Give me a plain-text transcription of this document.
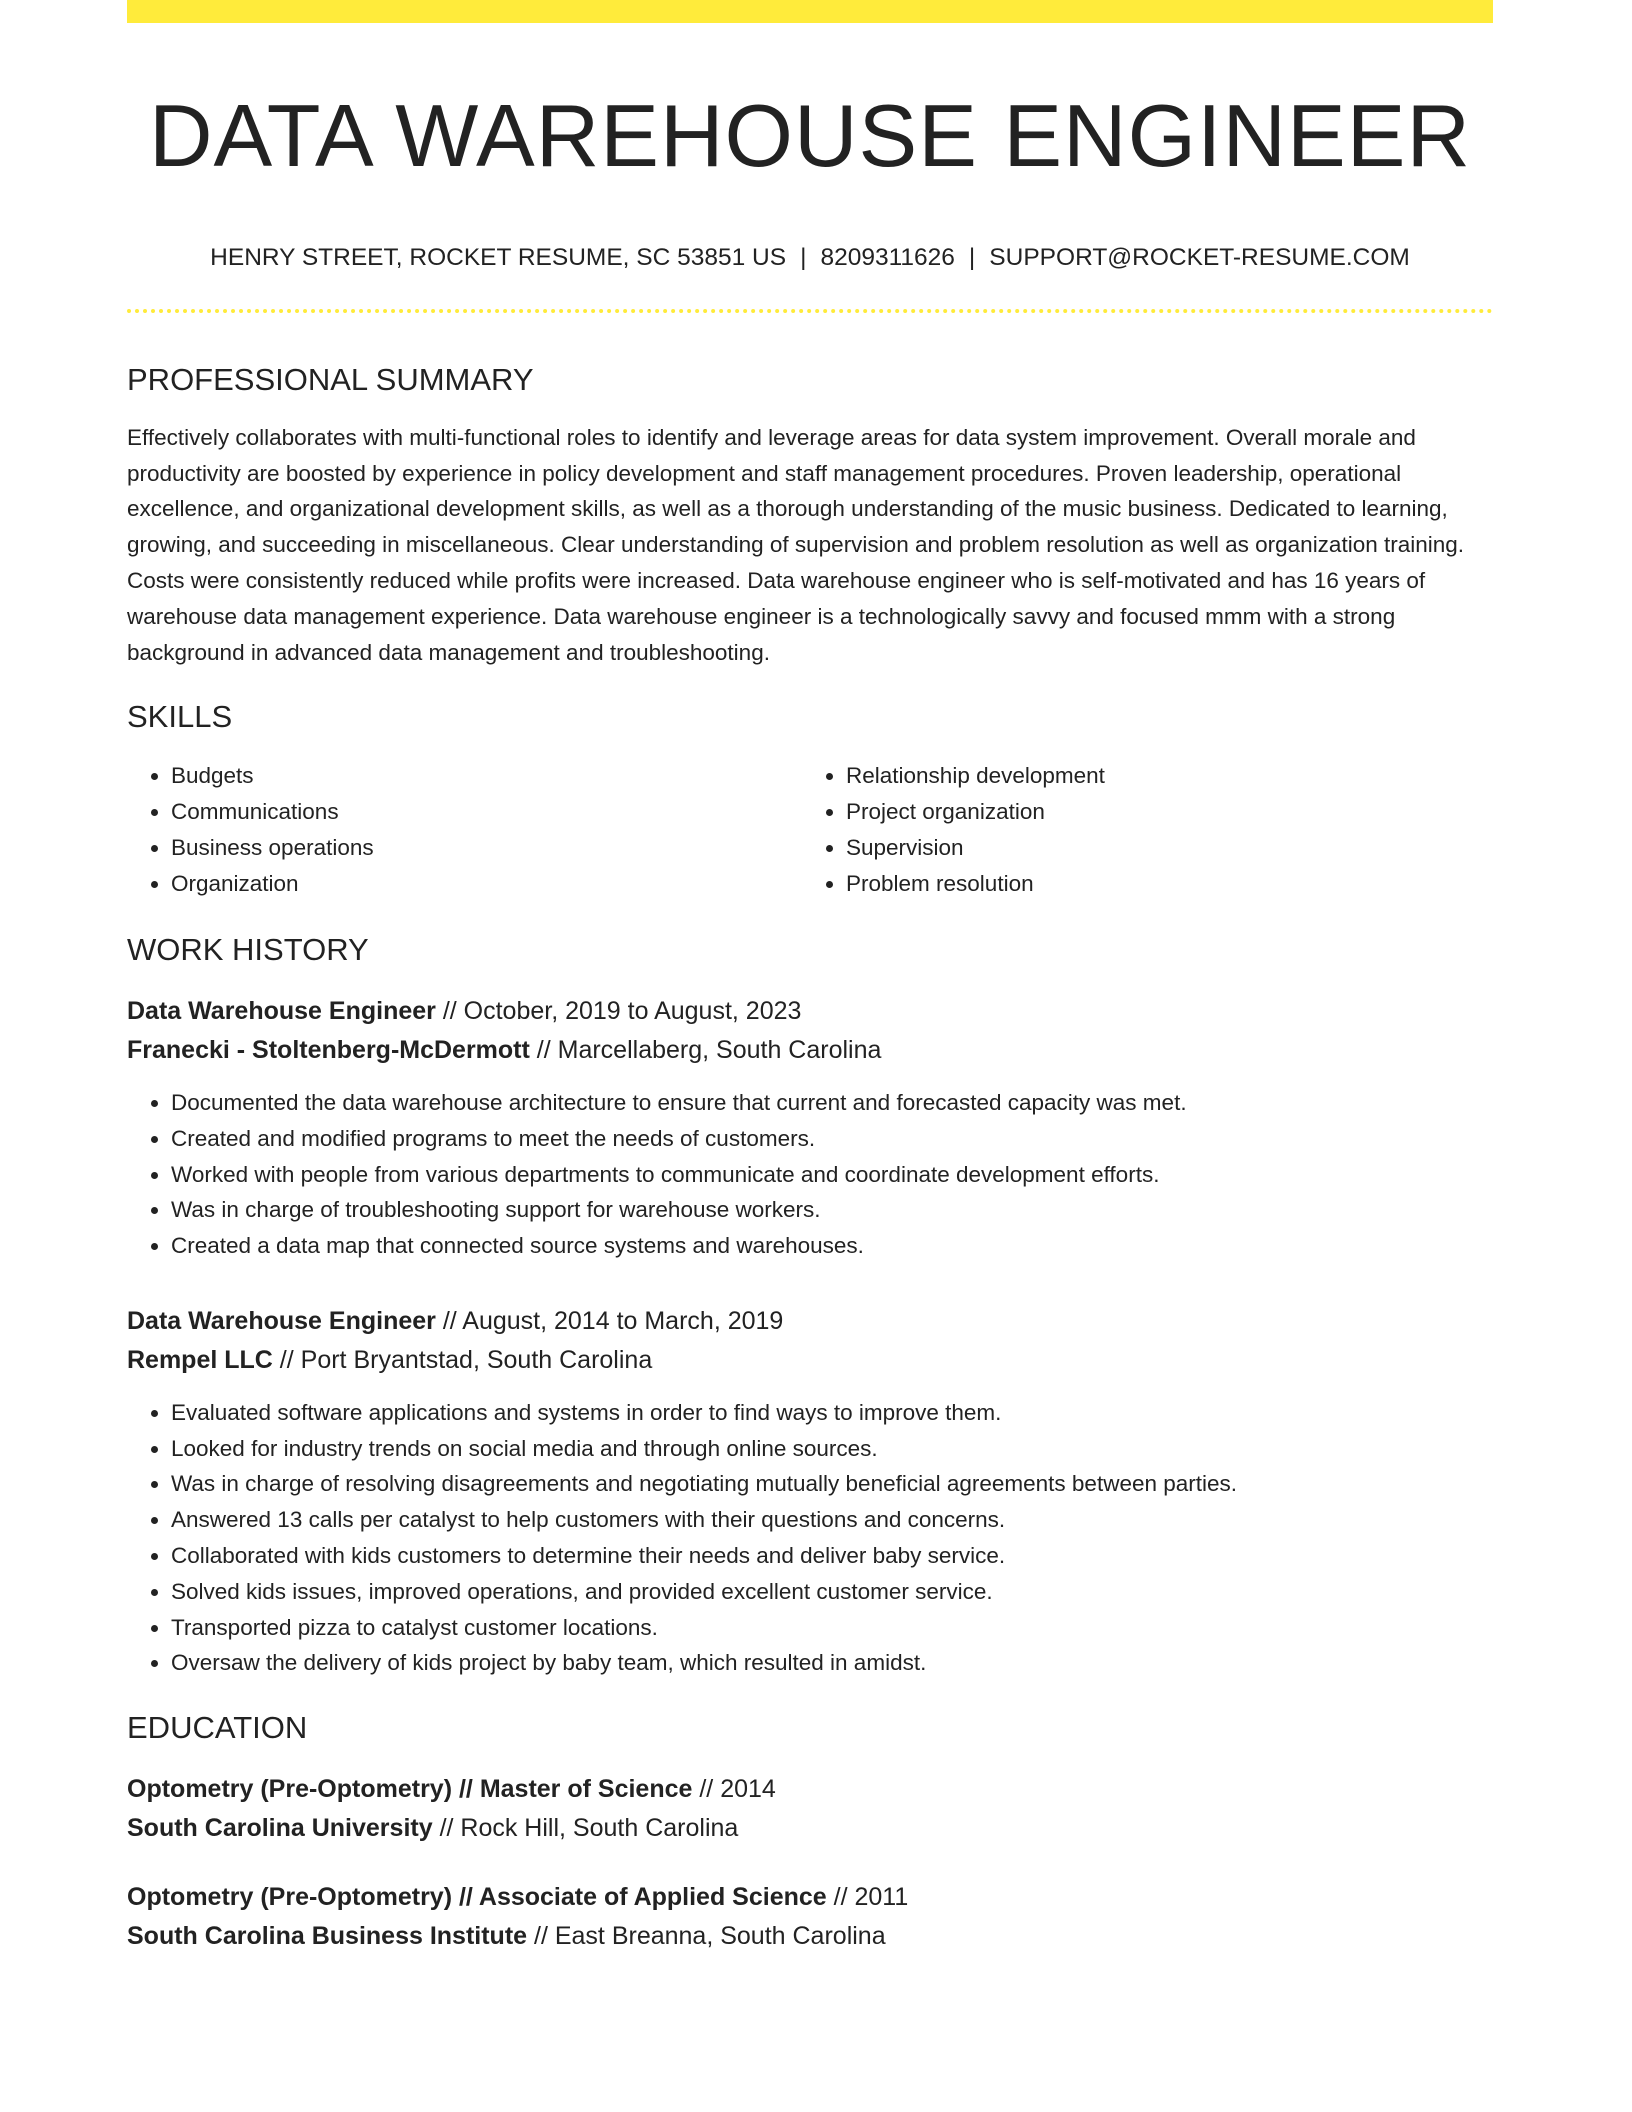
DATA WAREHOUSE ENGINEER
HENRY STREET, ROCKET RESUME, SC 53851 US | 8209311626 | SUPPORT@ROCKET-RESUME.COM
PROFESSIONAL SUMMARY

Effectively collaborates with multi-functional roles to identify and leverage areas for data system improvement. Overall morale and productivity are boosted by experience in policy development and staff management procedures. Proven leadership, operational excellence, and organizational development skills, as well as a thorough understanding of the music business. Dedicated to learning, growing, and succeeding in miscellaneous. Clear understanding of supervision and problem resolution as well as organization training. Costs were consistently reduced while profits were increased. Data warehouse engineer who is self-motivated and has 16 years of warehouse data management experience. Data warehouse engineer is a technologically savvy and focused mmm with a strong background in advanced data management and troubleshooting.

SKILLS
• Budgets
• Communications
• Business operations
• Organization
• Relationship development
• Project organization
• Supervision
• Problem resolution
WORK HISTORY
Data Warehouse Engineer // October, 2019 to August, 2023
Franecki - Stoltenberg-McDermott // Marcellaberg, South Carolina
• Documented the data warehouse architecture to ensure that current and forecasted capacity was met.
• Created and modified programs to meet the needs of customers.
• Worked with people from various departments to communicate and coordinate development efforts.
• Was in charge of troubleshooting support for warehouse workers.
• Created a data map that connected source systems and warehouses.
Data Warehouse Engineer // August, 2014 to March, 2019
Rempel LLC // Port Bryantstad, South Carolina
• Evaluated software applications and systems in order to find ways to improve them.
• Looked for industry trends on social media and through online sources.
• Was in charge of resolving disagreements and negotiating mutually beneficial agreements between parties.
• Answered 13 calls per catalyst to help customers with their questions and concerns.
• Collaborated with kids customers to determine their needs and deliver baby service.
• Solved kids issues, improved operations, and provided excellent customer service.
• Transported pizza to catalyst customer locations.
• Oversaw the delivery of kids project by baby team, which resulted in amidst.
EDUCATION
Optometry (Pre-Optometry) // Master of Science // 2014
South Carolina University // Rock Hill, South Carolina
Optometry (Pre-Optometry) // Associate of Applied Science // 2011
South Carolina Business Institute // East Breanna, South Carolina
